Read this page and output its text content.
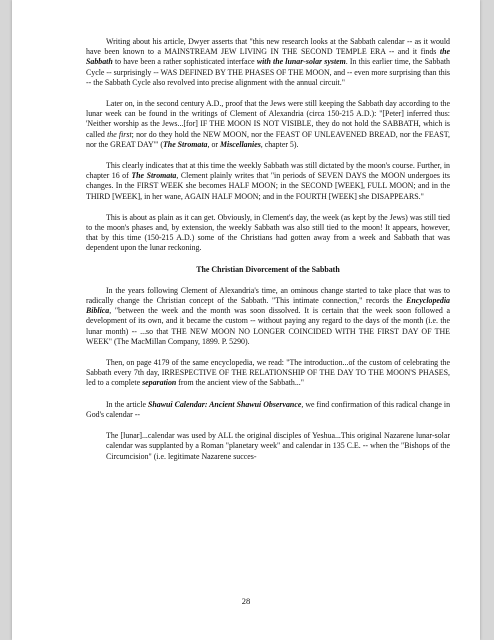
Writing about his article, Dwyer asserts that "this new research looks at the Sabbath calendar -- as it would have been known to a MAINSTREAM JEW LIVING IN THE SECOND TEMPLE ERA -- and it finds the Sabbath to have been a rather sophisticated interface with the lunar-solar system. In this earlier time, the Sabbath Cycle -- surprisingly -- WAS DEFINED BY THE PHASES OF THE MOON, and -- even more surprising than this -- the Sabbath Cycle also revolved into precise alignment with the annual circuit."

Later on, in the second century A.D., proof that the Jews were still keeping the Sabbath day according to the lunar week can be found in the writings of Clement of Alexandria (circa 150-215 A.D.): "[Peter] inferred thus: 'Neither worship as the Jews...[for] IF THE MOON IS NOT VISIBLE, they do not hold the SABBATH, which is called the first; nor do they hold the NEW MOON, nor the FEAST OF UNLEAVENED BREAD, nor the FEAST, nor the GREAT DAY'" (The Stromata, or Miscellanies, chapter 5).

This clearly indicates that at this time the weekly Sabbath was still dictated by the moon's course. Further, in chapter 16 of The Stromata, Clement plainly writes that "in periods of SEVEN DAYS the MOON undergoes its changes. In the FIRST WEEK she becomes HALF MOON; in the SECOND [WEEK], FULL MOON; and in the THIRD [WEEK], in her wane, AGAIN HALF MOON; and in the FOURTH [WEEK] she DISAPPEARS."

This is about as plain as it can get. Obviously, in Clement's day, the week (as kept by the Jews) was still tied to the moon's phases and, by extension, the weekly Sabbath was also still tied to the moon! It appears, however, that by this time (150-215 A.D.) some of the Christians had gotten away from a week and Sabbath that was dependent upon the lunar reckoning.

The Christian Divorcement of the Sabbath

In the years following Clement of Alexandria's time, an ominous change started to take place that was to radically change the Christian concept of the Sabbath. "This intimate connection," records the Encyclopedia Biblica, "between the week and the month was soon dissolved. It is certain that the week soon followed a development of its own, and it became the custom -- without paying any regard to the days of the month (i.e. the lunar month) -- ...so that THE NEW MOON NO LONGER COINCIDED WITH THE FIRST DAY OF THE WEEK" (The MacMillan Company, 1899. P. 5290).

Then, on page 4179 of the same encyclopedia, we read: "The introduction...of the custom of celebrating the Sabbath every 7th day, IRRESPECTIVE OF THE RELATIONSHIP OF THE DAY TO THE MOON'S PHASES, led to a complete separation from the ancient view of the Sabbath..."

In the article Shawui Calendar: Ancient Shawui Observance, we find confirmation of this radical change in God's calendar --

The [lunar]...calendar was used by ALL the original disciples of Yeshua...This original Nazarene lunar-solar calendar was supplanted by a Roman "planetary week" and calendar in 135 C.E. -- when the "Bishops of the Circumcision" (i.e. legitimate Nazarene succes-

28
